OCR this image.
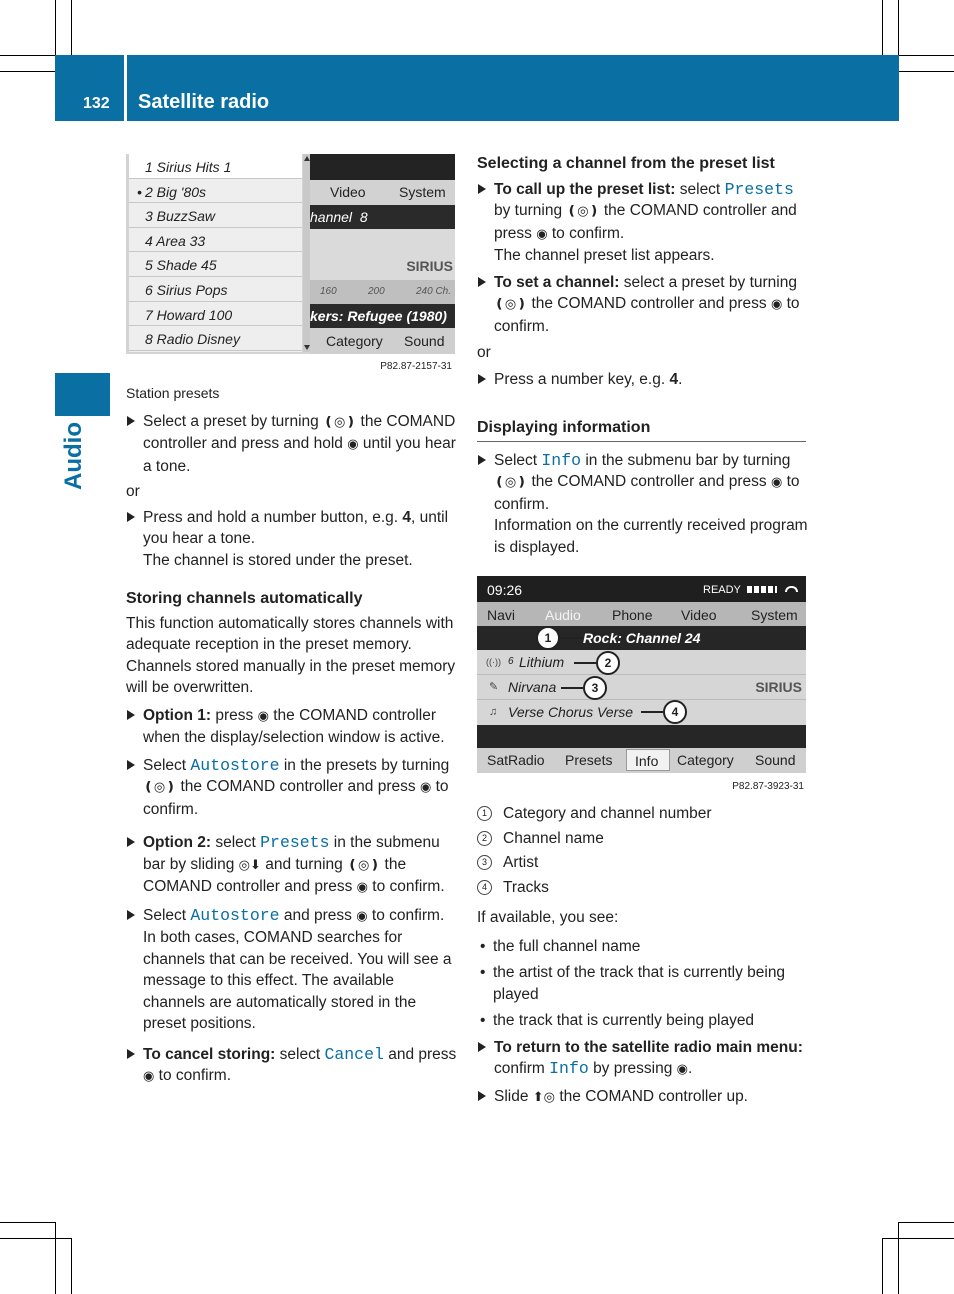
132 Satellite radio
Audio
1 Sirius Hits 1
• 2 Big '80s
3 BuzzSaw
4 Area 33
5 Shade 45
6 Sirius Pops
7 Howard 100
8 Radio Disney
Video System
hannel  8
SIRIUS
160	200	240 Ch.
kers: Refugee (1980)
Category Sound
P82.87-2157-31

Station presets

Select a preset by turning ❪◎❫ the COMAND controller and press and hold ◉ until you hear a tone.

or

Press and hold a number button, e.g. 4, until you hear a tone.
The channel is stored under the preset.

Storing channels automatically

This function automatically stores channels with adequate reception in the preset memory. Channels stored manually in the preset memory will be overwritten.

Option 1: press ◉ the COMAND controller when the display/selection window is active.
Select Autostore in the presets by turning ❪◎❫ the COMAND controller and press ◉ to confirm.
Option 2: select Presets in the submenu bar by sliding ◎⬇ and turning ❪◎❫ the COMAND controller and press ◉ to confirm.
Select Autostore and press ◉ to confirm.
In both cases, COMAND searches for channels that can be received. You will see a message to this effect. The available channels are automatically stored in the preset positions.
To cancel storing: select Cancel and press ◉ to confirm.

Selecting a channel from the preset list

To call up the preset list: select Presets by turning ❪◎❫ the COMAND controller and press ◉ to confirm.
The channel preset list appears.
To set a channel: select a preset by turning ❪◎❫ the COMAND controller and press ◉ to confirm.

or

Press a number key, e.g. 4.

Displaying information

Select Info in the submenu bar by turning ❪◎❫ the COMAND controller and press ◉ to confirm.
Information on the currently received program is displayed.
09:26	READY
Navi Audio Phone Video System
Rock: Channel 24
((·)) 6 Lithium
✎ Nirvana	SIRIUS
♫ Verse Chorus Verse
SatRadio Presets	Info	Category Sound
1
2
3
4
P82.87-3923-31
1	Category and channel number
2	Channel name
3	Artist
4	Tracks

If available, you see:

• the full channel name
• the artist of the track that is currently being played
• the track that is currently being played
To return to the satellite radio main menu: confirm Info by pressing ◉.
Slide ⬆◎ the COMAND controller up.
